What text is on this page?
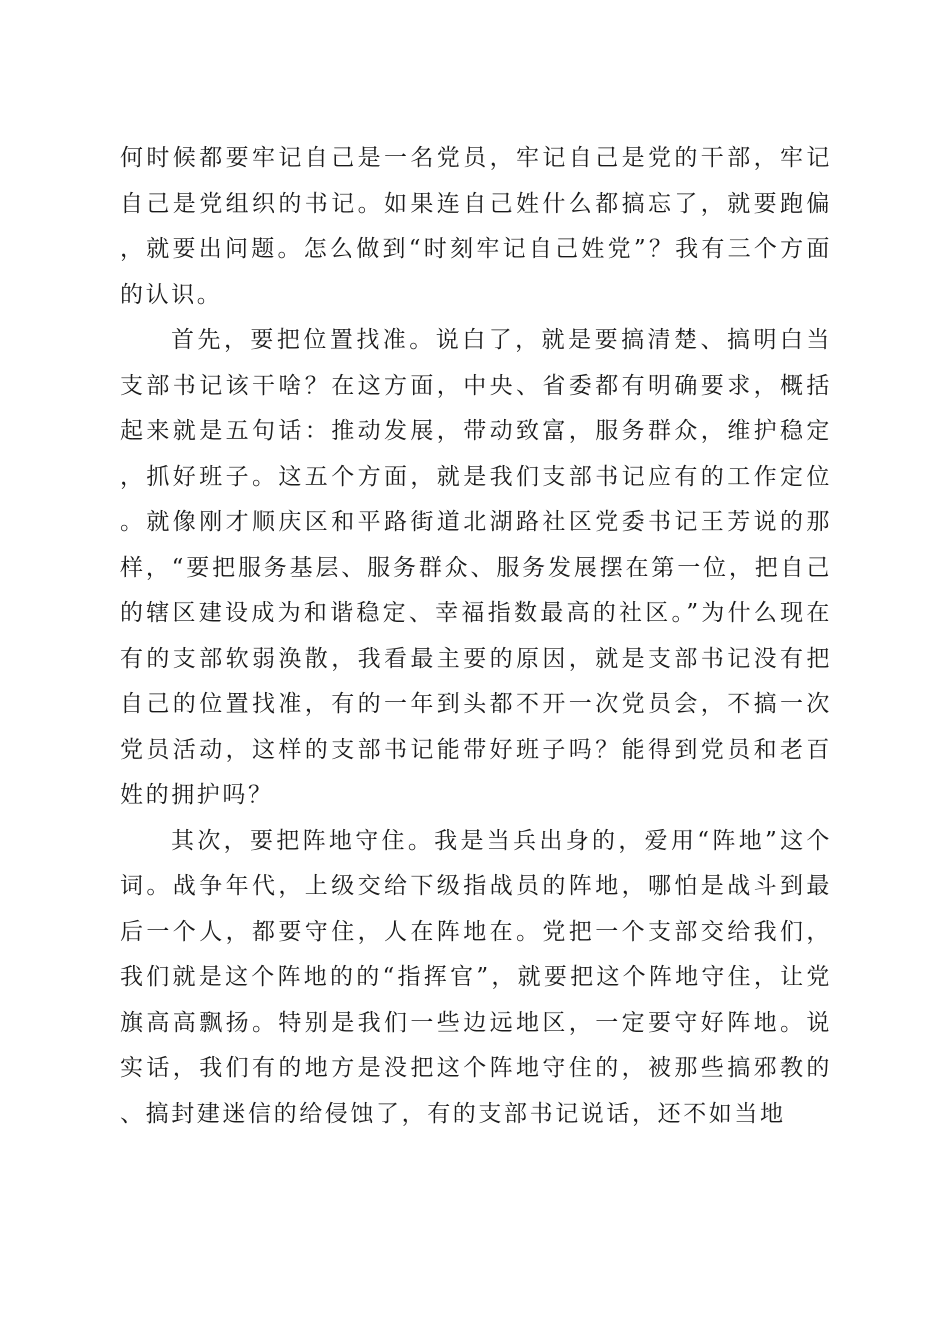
何时候都要牢记自己是一名党员，牢记自己是党的干部，牢记自己是党组织的书记。如果连自己姓什么都搞忘了，就要跑偏，就要出问题。怎么做到“时刻牢记自己姓党”？我有三个方面的认识。

首先，要把位置找准。说白了，就是要搞清楚、搞明白当支部书记该干啥？在这方面，中央、省委都有明确要求，概括起来就是五句话：推动发展，带动致富，服务群众，维护稳定，抓好班子。这五个方面，就是我们支部书记应有的工作定位。就像刚才顺庆区和平路街道北湖路社区党委书记王芳说的那样，“要把服务基层、服务群众、服务发展摆在第一位，把自己的辖区建设成为和谐稳定、幸福指数最高的社区。”为什么现在有的支部软弱涣散，我看最主要的原因，就是支部书记没有把自己的位置找准，有的一年到头都不开一次党员会，不搞一次党员活动，这样的支部书记能带好班子吗？能得到党员和老百姓的拥护吗？

其次，要把阵地守住。我是当兵出身的，爱用“阵地”这个词。战争年代，上级交给下级指战员的阵地，哪怕是战斗到最后一个人，都要守住，人在阵地在。党把一个支部交给我们，我们就是这个阵地的的“指挥官”，就要把这个阵地守住，让党旗高高飘扬。特别是我们一些边远地区，一定要守好阵地。说实话，我们有的地方是没把这个阵地守住的，被那些搞邪教的、搞封建迷信的给侵蚀了，有的支部书记说话，还不如当地
